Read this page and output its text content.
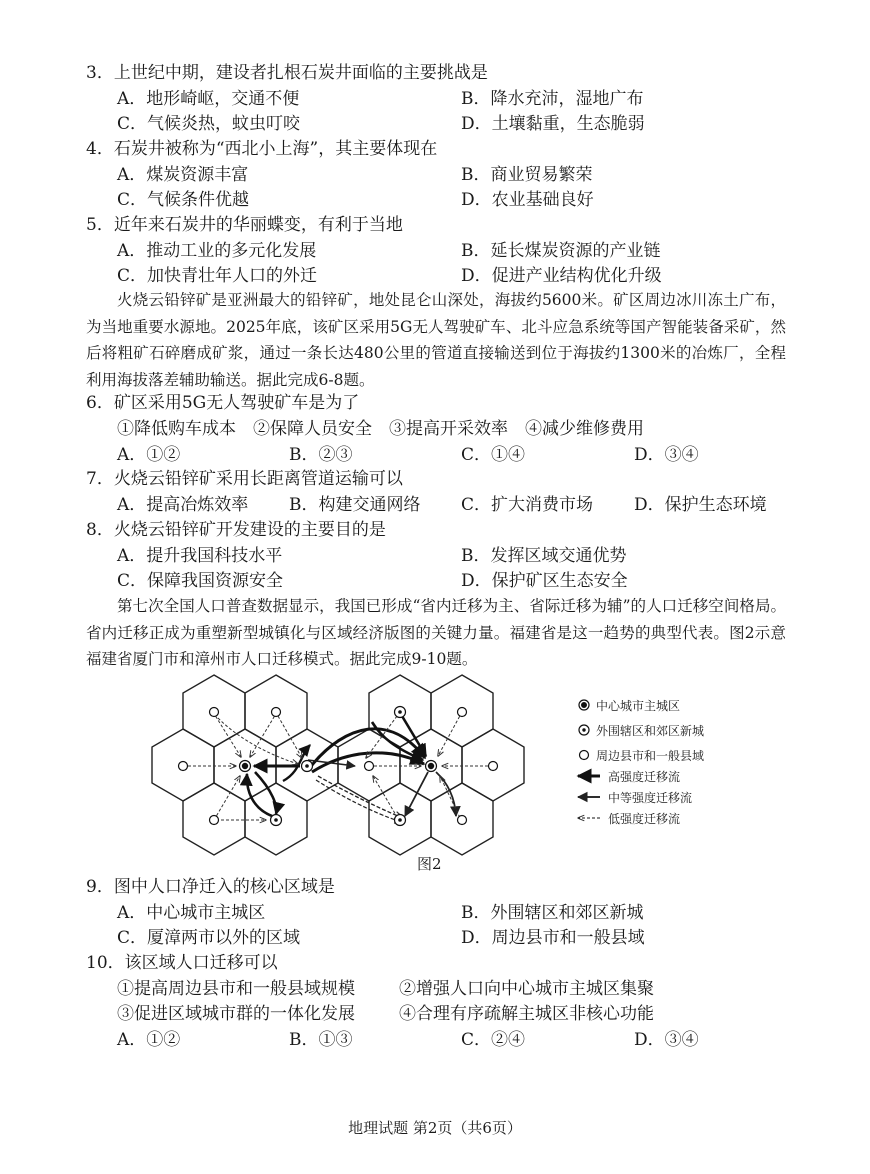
3．上世纪中期，建设者扎根石炭井面临的主要挑战是
A．地形崎岖，交通不便	B．降水充沛，湿地广布
C．气候炎热，蚊虫叮咬	D．土壤黏重，生态脆弱
4．石炭井被称为“西北小上海”，其主要体现在
A．煤炭资源丰富	B．商业贸易繁荣
C．气候条件优越	D．农业基础良好
5．近年来石炭井的华丽蝶变，有利于当地
A．推动工业的多元化发展	B．延长煤炭资源的产业链
C．加快青壮年人口的外迁	D．促进产业结构优化升级
火烧云铅锌矿是亚洲最大的铅锌矿，地处昆仑山深处，海拔约5600米。矿区周边冰川冻土广布，为当地重要水源地。2025年底，该矿区采用5G无人驾驶矿车、北斗应急系统等国产智能装备采矿，然后将粗矿石碎磨成矿浆，通过一条长达480公里的管道直接输送到位于海拔约1300米的冶炼厂，全程利用海拔落差辅助输送。据此完成6-8题。
6．矿区采用5G无人驾驶矿车是为了
①降低购车成本　②保障人员安全　③提高开采效率　④减少维修费用
A．①②	B．②③	C．①④	D．③④
7．火烧云铅锌矿采用长距离管道运输可以
A．提高冶炼效率 B．构建交通网络 C．扩大消费市场 D．保护生态环境
8．火烧云铅锌矿开发建设的主要目的是
A．提升我国科技水平	B．发挥区域交通优势
C．保障我国资源安全	D．保护矿区生态安全
第七次全国人口普查数据显示，我国已形成“省内迁移为主、省际迁移为辅”的人口迁移空间格局。省内迁移正成为重塑新型城镇化与区域经济版图的关键力量。福建省是这一趋势的典型代表。图2示意福建省厦门市和漳州市人口迁移模式。据此完成9-10题。
中心城市主城区
外围辖区和郊区新城
周边县市和一般县域
高强度迁移流
中等强度迁移流
低强度迁移流
图2
9．图中人口净迁入的核心区域是
A．中心城市主城区	B．外围辖区和郊区新城
C．厦漳两市以外的区域	D．周边县市和一般县域
10．该区域人口迁移可以
①提高周边县市和一般县域规模	②增强人口向中心城市主城区集聚
③促进区域城市群的一体化发展	④合理有序疏解主城区非核心功能
A．①②	B．①③	C．②④	D．③④
地理试题 第2页（共6页）
